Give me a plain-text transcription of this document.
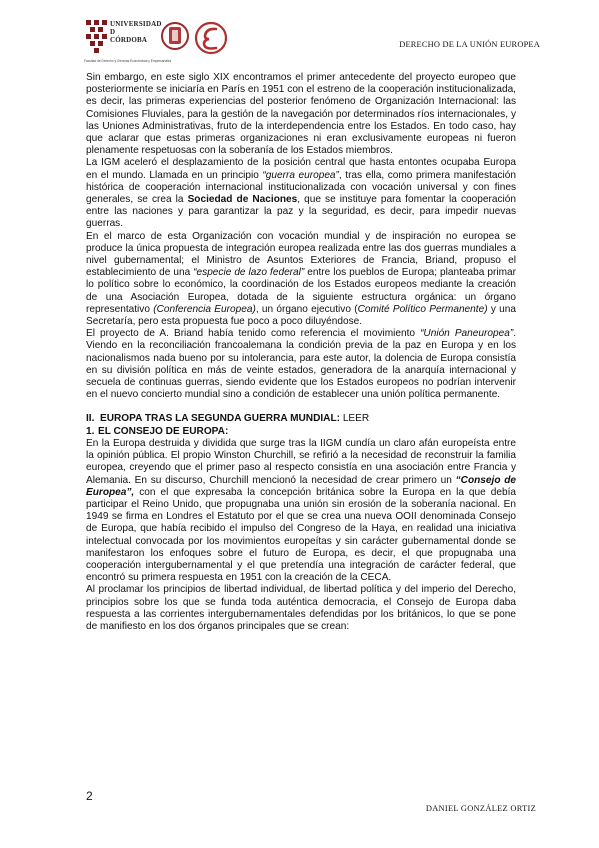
UNIVERSIDAD
D
CÓRDOBA
Facultad de Derecho y Ciencias Económicas y Empresariales
DERECHO DE LA UNIÓN EUROPEA

Sin embargo, en este siglo XIX encontramos el primer antecedente del proyecto europeo que posteriormente se iniciaría en París en 1951 con el estreno de la cooperación institucionalizada, es decir, las primeras experiencias del posterior fenómeno de Organización Internacional: las Comisiones Fluviales, para la gestión de la navegación por determinados ríos internacionales, y las Uniones Administrativas, fruto de la interdependencia entre los Estados. En todo caso, hay que aclarar que estas primeras organizaciones ni eran exclusivamente europeas ni fueron plenamente respetuosas con la soberanía de los Estados miembros.

La IGM aceleró el desplazamiento de la posición central que hasta entontes ocupaba Europa en el mundo. Llamada en un principio “guerra europea”, tras ella, como primera manifestación histórica de cooperación internacional institucionalizada con vocación universal y con fines generales, se crea la Sociedad de Naciones, que se instituye para fomentar la cooperación entre las naciones y para garantizar la paz y la seguridad, es decir, para impedir nuevas guerras.

En el marco de esta Organización con vocación mundial y de inspiración no europea se produce la única propuesta de integración europea realizada entre las dos guerras mundiales a nivel gubernamental; el Ministro de Asuntos Exteriores de Francia, Briand, propuso el establecimiento de una “especie de lazo federal” entre los pueblos de Europa; planteaba primar lo político sobre lo económico, la coordinación de los Estados europeos mediante la creación de una Asociación Europea, dotada de la siguiente estructura orgánica: un órgano representativo (Conferencia Europea), un órgano ejecutivo (Comité Político Permanente) y una Secretaría, pero esta propuesta fue poco a poco diluyéndose.

El proyecto de A. Briand había tenido como referencia el movimiento “Unión Paneuropea”. Viendo en la reconciliación francoalemana la condición previa de la paz en Europa y en los nacionalismos nada bueno por su intolerancia, para este autor, la dolencia de Europa consistía en su división política en más de veinte estados, generadora de la anarquía internacional y secuela de continuas guerras, siendo evidente que los Estados europeos no podrían intervenir en el nuevo concierto mundial sino a condición de establecer una unión política permanente.

II. EUROPA TRAS LA SEGUNDA GUERRA MUNDIAL: LEER

1. EL CONSEJO DE EUROPA:

En la Europa destruida y dividida que surge tras la IIGM cundía un claro afán europeísta entre la opinión pública. El propio Winston Churchill, se refirió a la necesidad de reconstruir la familia europea, creyendo que el primer paso al respecto consistía en una asociación entre Francia y Alemania. En su discurso, Churchill mencionó la necesidad de crear primero un “Consejo de Europea”, con el que expresaba la concepción británica sobre la Europa en la que debía participar el Reino Unido, que propugnaba una unión sin erosión de la soberanía nacional. En 1949 se firma en Londres el Estatuto por el que se crea una nueva OOII denominada Consejo de Europa, que había recibido el impulso del Congreso de la Haya, en realidad una iniciativa intelectual convocada por los movimientos europeítas y sin carácter gubernamental donde se manifestaron los enfoques sobre el futuro de Europa, es decir, el que propugnaba una cooperación intergubernamental y el que pretendía una integración de carácter federal, que encontró su primera respuesta en 1951 con la creación de la CECA.

Al proclamar los principios de libertad individual, de libertad política y del imperio del Derecho, principios sobre los que se funda toda auténtica democracia, el Consejo de Europa daba respuesta a las corrientes intergubernamentales defendidas por los británicos, lo que se pone de manifiesto en los dos órganos principales que se crean:

2
DANIEL GONZÁLEZ ORTIZ
